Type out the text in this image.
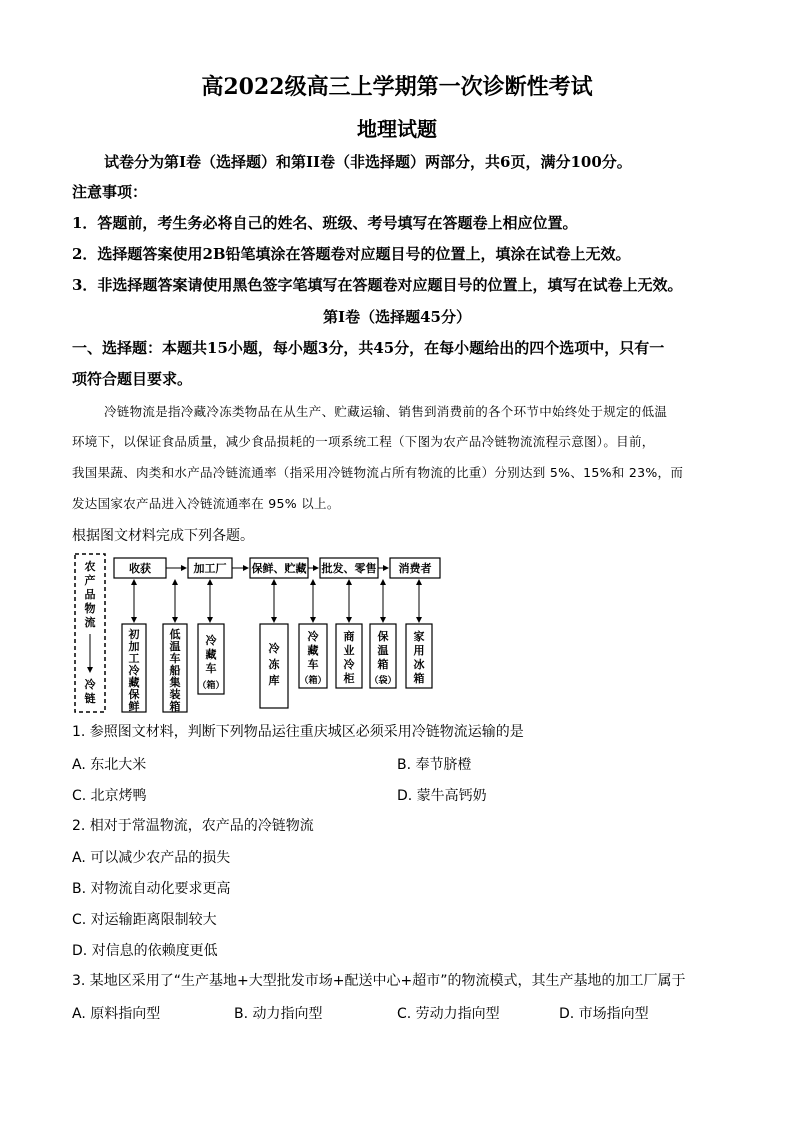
高2022级高三上学期第一次诊断性考试
地理试题
试卷分为第I卷（选择题）和第II卷（非选择题）两部分，共6页，满分100分。
注意事项：
1．答题前，考生务必将自己的姓名、班级、考号填写在答题卷上相应位置。
2．选择题答案使用2B铅笔填涂在答题卷对应题目号的位置上，填涂在试卷上无效。
3．非选择题答案请使用黑色签字笔填写在答题卷对应题目号的位置上，填写在试卷上无效。
第I卷（选择题45分）
一、选择题：本题共15小题，每小题3分，共45分，在每小题给出的四个选项中，只有一
项符合题目要求。
冷链物流是指冷藏冷冻类物品在从生产、贮藏运输、销售到消费前的各个环节中始终处于规定的低温
环境下，以保证食品质量，减少食品损耗的一项系统工程（下图为农产品冷链物流流程示意图）。目前，
我国果蔬、肉类和水产品冷链流通率（指采用冷链物流占所有物流的比重）分别达到 5%、15%和 23%，而
发达国家农产品进入冷链流通率在 95% 以上。
根据图文材料完成下列各题。
农
产
品
物
流
冷
链
收获	加工厂 保鲜、贮藏 批发、零售 消费者
初
加
工
冷
藏
保
鲜
低
温
车
船
集
装
箱
冷
藏
车
（箱）
冷
冻
库
冷
藏
车
（箱）
商
业
冷
柜
保
温
箱
（袋）
家
用
冰
箱
1. 参照图文材料，判断下列物品运往重庆城区必须采用冷链物流运输的是
A. 东北大米	B. 奉节脐橙
C. 北京烤鸭	D. 蒙牛高钙奶
2. 相对于常温物流，农产品的冷链物流
A. 可以减少农产品的损失
B. 对物流自动化要求更高
C. 对运输距离限制较大
D. 对信息的依赖度更低
3. 某地区采用了“生产基地+大型批发市场+配送中心+超市”的物流模式，其生产基地的加工厂属于
A. 原料指向型	B. 动力指向型	C. 劳动力指向型	D. 市场指向型
